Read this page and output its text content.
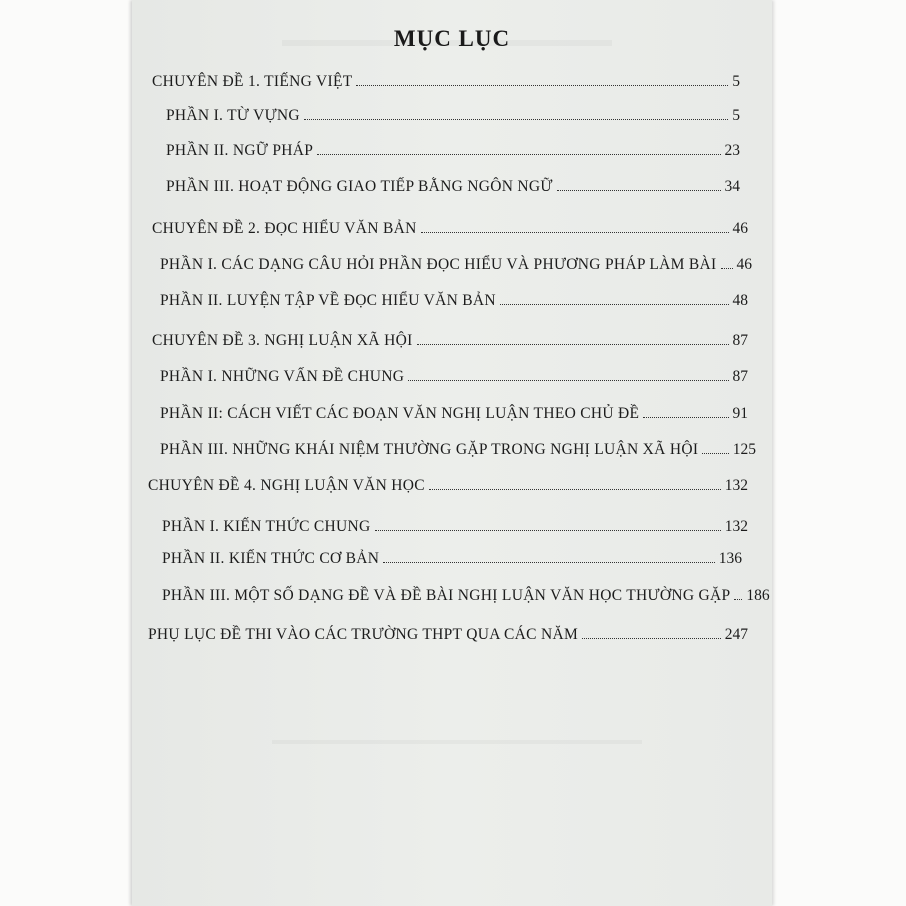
MỤC LỤC
CHUYÊN ĐỀ 1. TIẾNG VIỆT	5
PHẦN I. TỪ VỰNG	5
PHẦN II. NGỮ PHÁP	23
PHẦN III. HOẠT ĐỘNG GIAO TIẾP BẰNG NGÔN NGỮ	34
CHUYÊN ĐỀ 2. ĐỌC HIỂU VĂN BẢN	46
PHẦN I. CÁC DẠNG CÂU HỎI PHẦN ĐỌC HIỂU VÀ PHƯƠNG PHÁP LÀM BÀI 46
PHẦN II. LUYỆN TẬP VỀ ĐỌC HIỂU VĂN BẢN	48
CHUYÊN ĐỀ 3. NGHỊ LUẬN XÃ HỘI	87
PHẦN I. NHỮNG VẤN ĐỀ CHUNG	87
PHẦN II: CÁCH VIẾT CÁC ĐOẠN VĂN NGHỊ LUẬN THEO CHỦ ĐỀ	91
PHẦN III. NHỮNG KHÁI NIỆM THƯỜNG GẶP TRONG NGHỊ LUẬN XÃ HỘI 125
CHUYÊN ĐỀ 4. NGHỊ LUẬN VĂN HỌC	132
PHẦN I. KIẾN THỨC CHUNG	132
PHẦN II. KIẾN THỨC CƠ BẢN	136
PHẦN III. MỘT SỐ DẠNG ĐỀ VÀ ĐỀ BÀI NGHỊ LUẬN VĂN HỌC THƯỜNG GẶP 186
PHỤ LỤC ĐỀ THI VÀO CÁC TRƯỜNG THPT QUA CÁC NĂM	247
